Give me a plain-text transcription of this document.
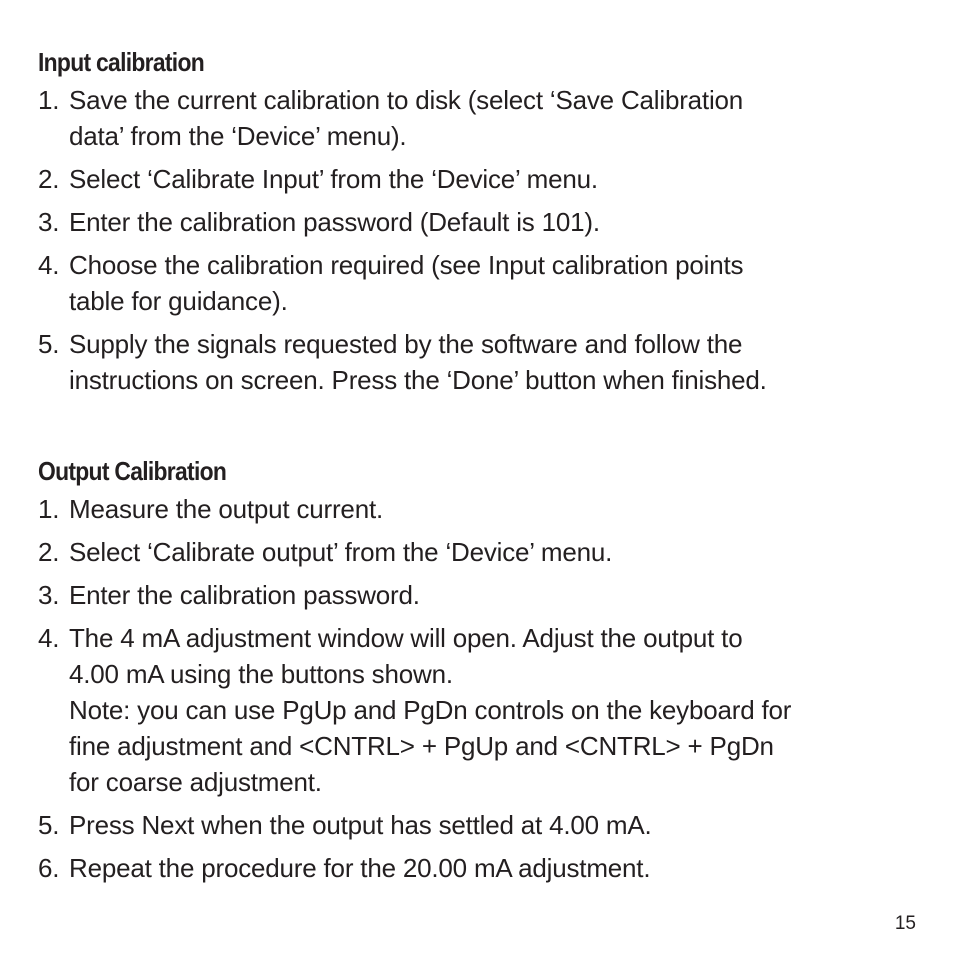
Input calibration
1. Save the current calibration to disk (select ‘Save Calibration
data’ from the ‘Device’ menu).
2. Select ‘Calibrate Input’ from the ‘Device’ menu.
3. Enter the calibration password (Default is 101).
4. Choose the calibration required (see Input calibration points
table for guidance).
5. Supply the signals requested by the software and follow the
instructions on screen. Press the ‘Done’ button when finished.
Output Calibration
1. Measure the output current.
2. Select ‘Calibrate output’ from the ‘Device’ menu.
3. Enter the calibration password.
4. The 4 mA adjustment window will open. Adjust the output to
4.00 mA using the buttons shown.
Note: you can use PgUp and PgDn controls on the keyboard for
fine adjustment and <CNTRL> + PgUp and <CNTRL> + PgDn
for coarse adjustment.
5. Press Next when the output has settled at 4.00 mA.
6. Repeat the procedure for the 20.00 mA adjustment.
15
